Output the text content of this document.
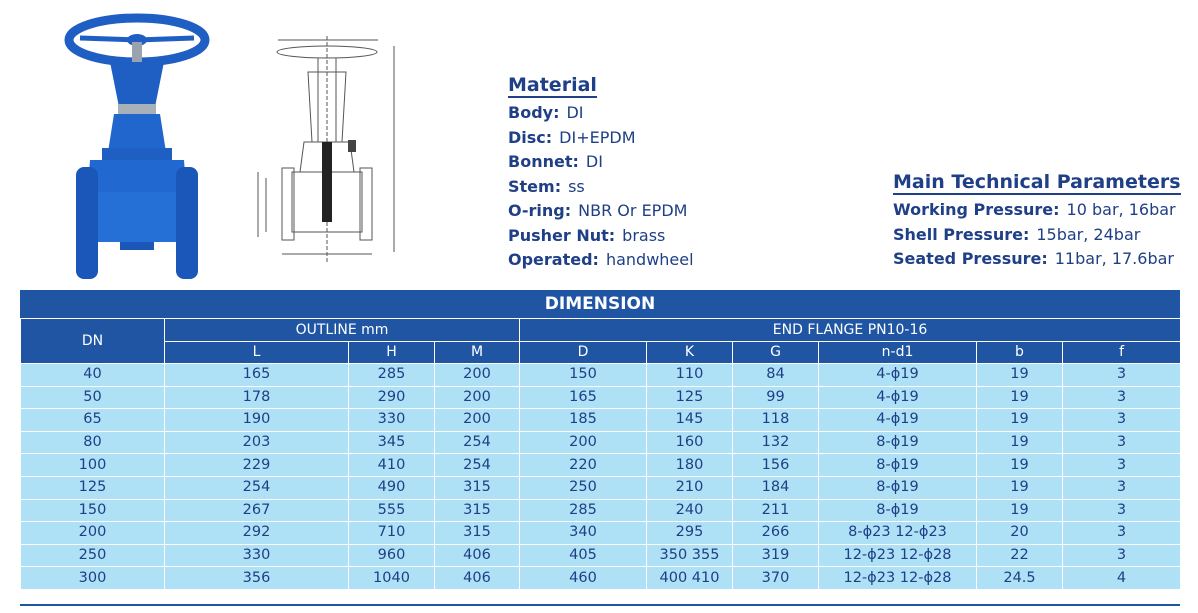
Material
Body: DI
Disc: DI+EPDM
Bonnet: DI
Stem: ss
O-ring: NBR Or EPDM
Pusher Nut: brass
Operated: handwheel
Main Technical Parameters
Working Pressure: 10 bar, 16bar
Shell Pressure: 15bar, 24bar
Seated Pressure: 11bar, 17.6bar
DIMENSION
DN	OUTLINE mm			END FLANGE PN10-16					
	L	H	M	D	K	G	n-d1	b	f
40	165	285	200	150	110	84	4-ϕ19	19	3
50	178	290	200	165	125	99	4-ϕ19	19	3
65	190	330	200	185	145	118	4-ϕ19	19	3
80	203	345	254	200	160	132	8-ϕ19	19	3
100	229	410	254	220	180	156	8-ϕ19	19	3
125	254	490	315	250	210	184	8-ϕ19	19	3
150	267	555	315	285	240	211	8-ϕ19	19	3
200	292	710	315	340	295	266	8-ϕ23 12-ϕ23	20	3
250	330	960	406	405	350 355	319	12-ϕ23 12-ϕ28	22	3
300	356	1040	406	460	400 410	370	12-ϕ23 12-ϕ28	24.5	4
